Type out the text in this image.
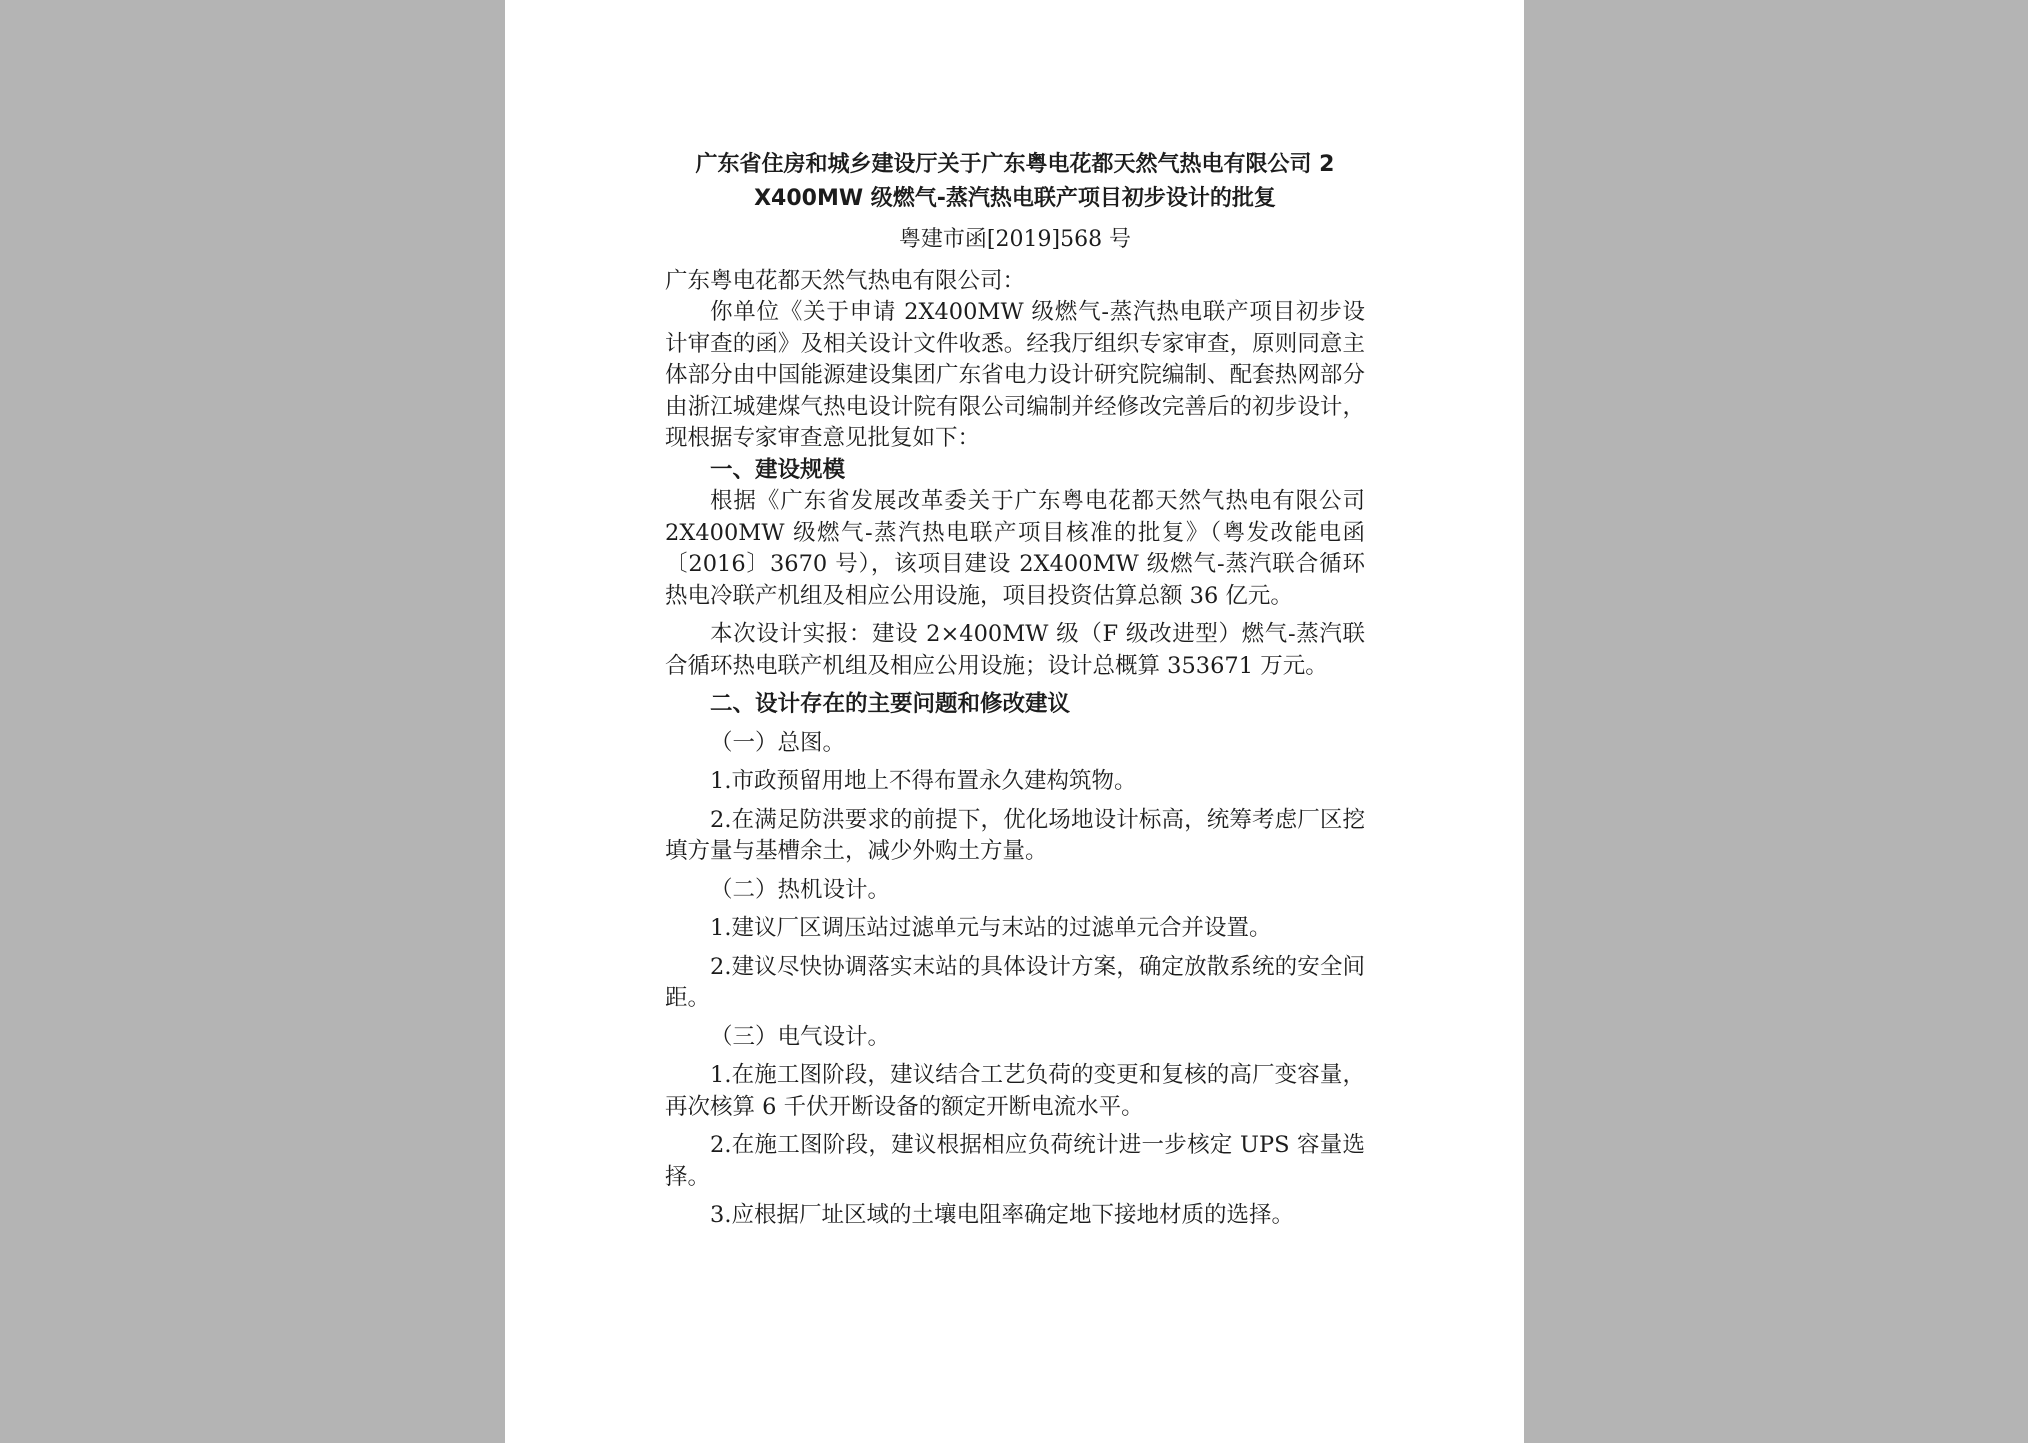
广东省住房和城乡建设厅关于广东粤电花都天然气热电有限公司 2
X400MW 级燃气-蒸汽热电联产项目初步设计的批复
粤建市函[2019]568 号

广东粤电花都天然气热电有限公司：

你单位《关于申请 2X400MW 级燃气-蒸汽热电联产项目初步设计审查的函》及相关设计文件收悉。经我厅组织专家审查，原则同意主体部分由中国能源建设集团广东省电力设计研究院编制、配套热网部分由浙江城建煤气热电设计院有限公司编制并经修改完善后的初步设计，现根据专家审查意见批复如下：

一、建设规模

根据《广东省发展改革委关于广东粤电花都天然气热电有限公司 2X400MW 级燃气-蒸汽热电联产项目核准的批复》（粤发改能电函〔2016〕3670 号），该项目建设 2X400MW 级燃气-蒸汽联合循环热电冷联产机组及相应公用设施，项目投资估算总额 36 亿元。

本次设计实报：建设 2×400MW 级（F 级改进型）燃气-蒸汽联合循环热电联产机组及相应公用设施；设计总概算 353671 万元。

二、设计存在的主要问题和修改建议

（一）总图。

1.市政预留用地上不得布置永久建构筑物。

2.在满足防洪要求的前提下，优化场地设计标高，统筹考虑厂区挖填方量与基槽余土，减少外购土方量。

（二）热机设计。

1.建议厂区调压站过滤单元与末站的过滤单元合并设置。

2.建议尽快协调落实末站的具体设计方案，确定放散系统的安全间距。

（三）电气设计。

1.在施工图阶段，建议结合工艺负荷的变更和复核的高厂变容量，再次核算 6 千伏开断设备的额定开断电流水平。

2.在施工图阶段，建议根据相应负荷统计进一步核定 UPS 容量选择。

3.应根据厂址区域的土壤电阻率确定地下接地材质的选择。
